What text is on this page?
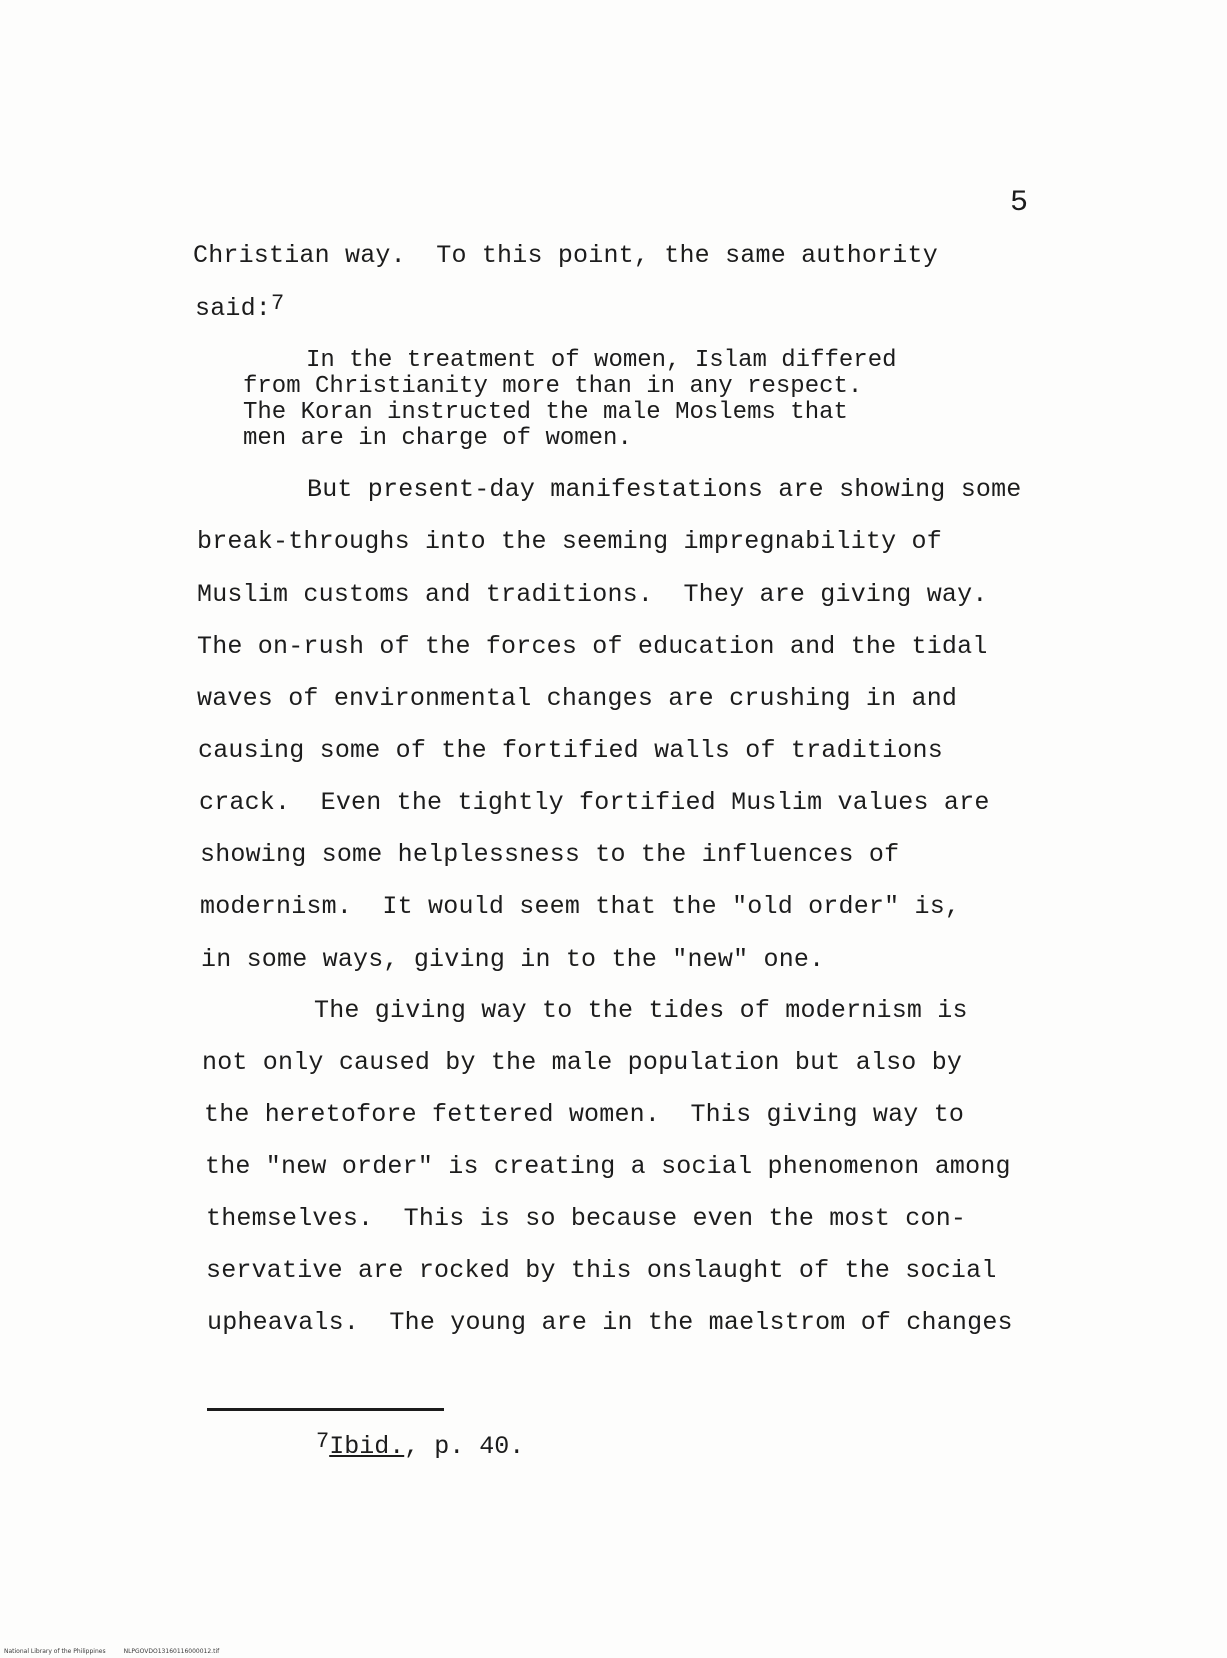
5
Christian way.  To this point, the same authority
said:$^7$
In the treatment of women, Islam differed
from Christianity more than in any respect.
The Koran instructed the male Moslems that
men are in charge of women.
But present-day manifestations are showing some
break-throughs into the seeming impregnability of
Muslim customs and traditions.  They are giving way.
The on-rush of the forces of education and the tidal
waves of environmental changes are crushing in and
causing some of the fortified walls of traditions
crack.  Even the tightly fortified Muslim values are
showing some helplessness to the influences of
modernism.  It would seem that the "old order" is,
in some ways, giving in to the "new" one.
The giving way to the tides of modernism is
not only caused by the male population but also by
the heretofore fettered women.  This giving way to
the "new order" is creating a social phenomenon among
themselves.  This is so because even the most con-
servative are rocked by this onslaught of the social
upheavals.  The young are in the maelstrom of changes
$^7$Ibid., p. 40.
National Library of the Philippines	NLPGOVDO13160116000012.tif
